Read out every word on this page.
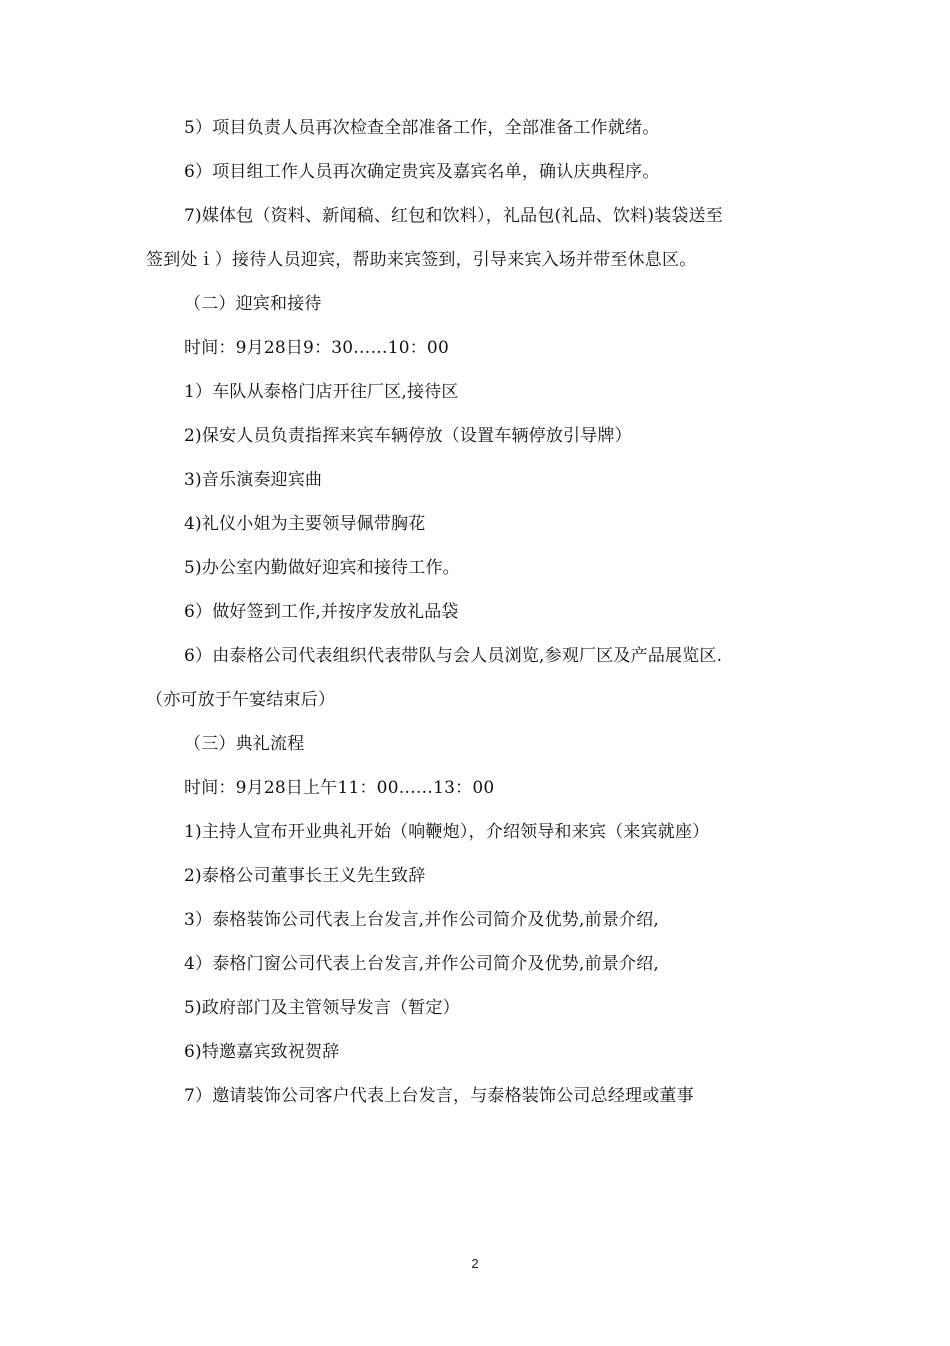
5）项目负责人员再次检查全部准备工作，全部准备工作就绪。
6）项目组工作人员再次确定贵宾及嘉宾名单，确认庆典程序。
7)媒体包（资料、新闻稿、红包和饮料），礼品包(礼品、饮料)装袋送至
签到处ｉ）接待人员迎宾，帮助来宾签到，引导来宾入场并带至休息区。
（二）迎宾和接待
时间：9月28日9：30……10：00
1）车队从泰格门店开往厂区,接待区
2)保安人员负责指挥来宾车辆停放（设置车辆停放引导牌）
3)音乐演奏迎宾曲
4)礼仪小姐为主要领导佩带胸花
5)办公室内勤做好迎宾和接待工作。
6）做好签到工作,并按序发放礼品袋
6）由泰格公司代表组织代表带队与会人员浏览,参观厂区及产品展览区.
（亦可放于午宴结束后）
（三）典礼流程
时间：9月28日上午11：00……13：00
1)主持人宣布开业典礼开始（响鞭炮），介绍领导和来宾（来宾就座）
2)泰格公司董事长王义先生致辞
3）泰格装饰公司代表上台发言,并作公司简介及优势,前景介绍,
4）泰格门窗公司代表上台发言,并作公司简介及优势,前景介绍,
5)政府部门及主管领导发言（暂定）
6)特邀嘉宾致祝贺辞
7）邀请装饰公司客户代表上台发言，与泰格装饰公司总经理或董事
2
